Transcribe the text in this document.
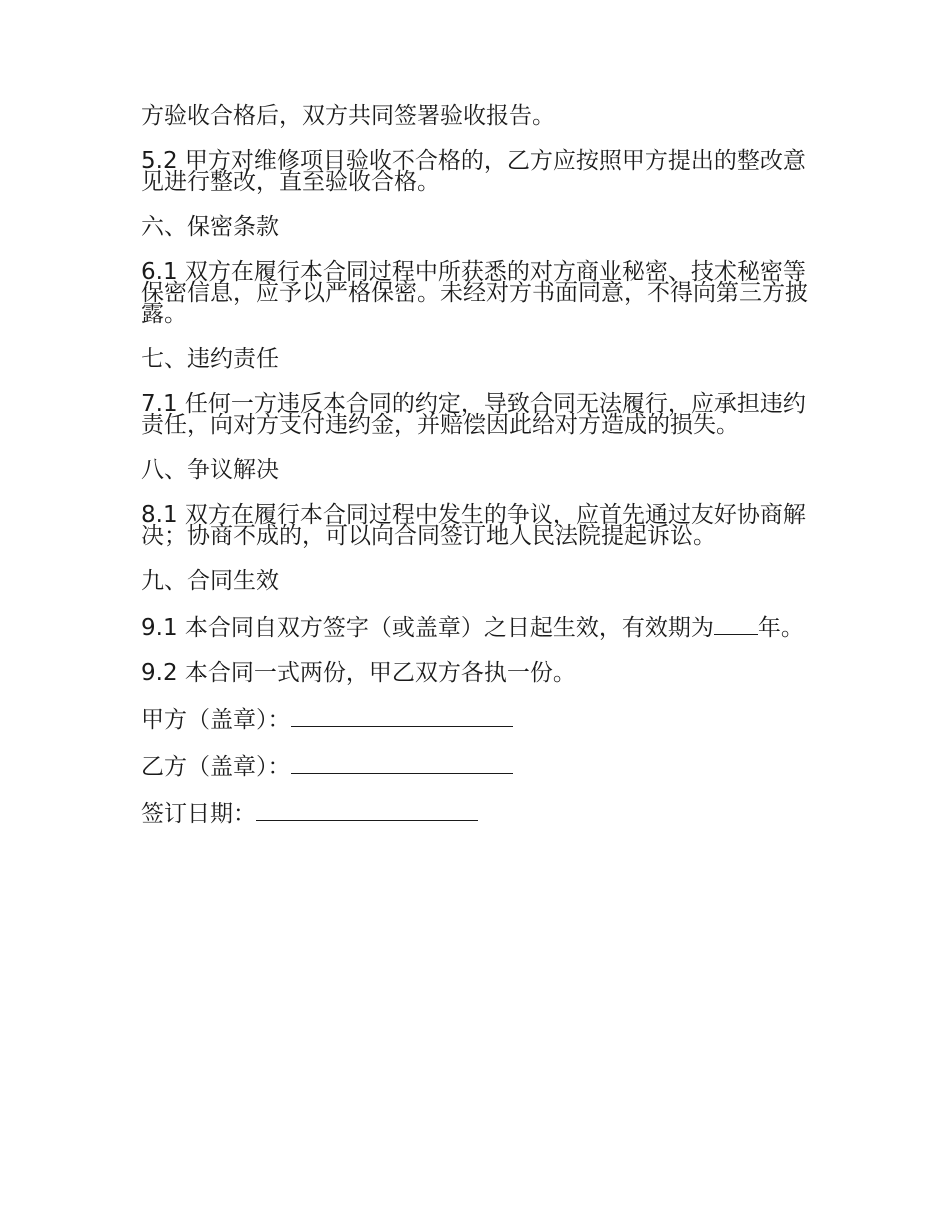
方验收合格后，双方共同签署验收报告。

5.2 甲方对维修项目验收不合格的，乙方应按照甲方提出的整改意见进行整改，直至验收合格。

六、保密条款

6.1 双方在履行本合同过程中所获悉的对方商业秘密、技术秘密等保密信息，应予以严格保密。未经对方书面同意，不得向第三方披露。

七、违约责任

7.1 任何一方违反本合同的约定，导致合同无法履行，应承担违约责任，向对方支付违约金，并赔偿因此给对方造成的损失。

八、争议解决

8.1 双方在履行本合同过程中发生的争议，应首先通过友好协商解决；协商不成的，可以向合同签订地人民法院提起诉讼。

九、合同生效

9.1 本合同自双方签字（或盖章）之日起生效，有效期为 年。

9.2 本合同一式两份，甲乙双方各执一份。

甲方（盖章）：

乙方（盖章）：

签订日期：
